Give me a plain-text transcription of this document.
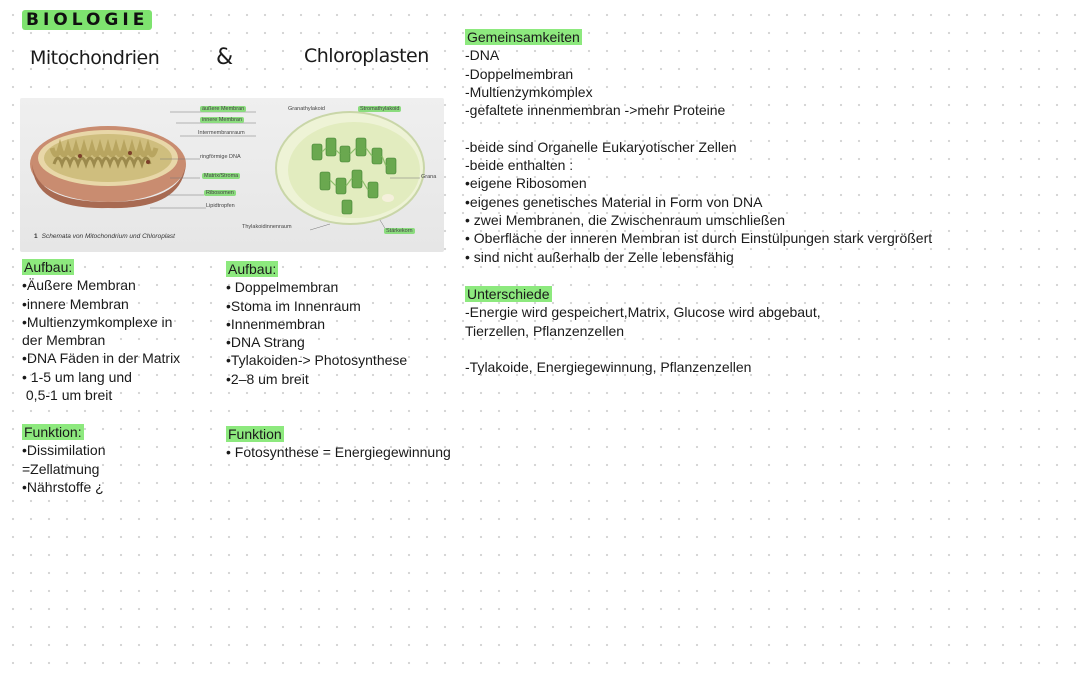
BIOLOGIE
Mitochondrien	&	Chloroplasten
äußere Membran
innere Membran
Intermembranraum
ringförmige DNA
Matrix/Stroma
Ribosomen
Lipidtropfen
Granathylakoid	Stromathylakoid
Grana
Thylakoidinnenraum
Stärkekorn
1 Schemata von Mitochondrium und Chloroplast
Aufbau:
•Äußere Membran
•innere Membran
•Multienzymkomplexe in
der Membran
•DNA Fäden in der Matrix
• 1-5 um lang und
0,5-1 um breit
Funktion:
•Dissimilation
=Zellatmung
•Nährstoffe ¿
Aufbau:
• Doppelmembran
•Stoma im Innenraum
•Innenmembran
•DNA Strang
•Tylakoiden-> Photosynthese
•2–8 um breit
Funktion
• Fotosynthese = Energiegewinnung
Gemeinsamkeiten
-DNA
-Doppelmembran
-Multienzymkomplex
-gefaltete innenmembran ->mehr Proteine

-beide sind Organelle Eukaryotischer Zellen
-beide enthalten :
•eigene Ribosomen
•eigenes genetisches Material in Form von DNA
• zwei Membranen, die Zwischenraum umschließen
• Oberfläche der inneren Membran ist durch Einstülpungen stark vergrößert
• sind nicht außerhalb der Zelle lebensfähig
Unterschiede
-Energie wird gespeichert,Matrix, Glucose wird abgebaut,
Tierzellen, Pflanzenzellen

-Tylakoide, Energiegewinnung, Pflanzenzellen
